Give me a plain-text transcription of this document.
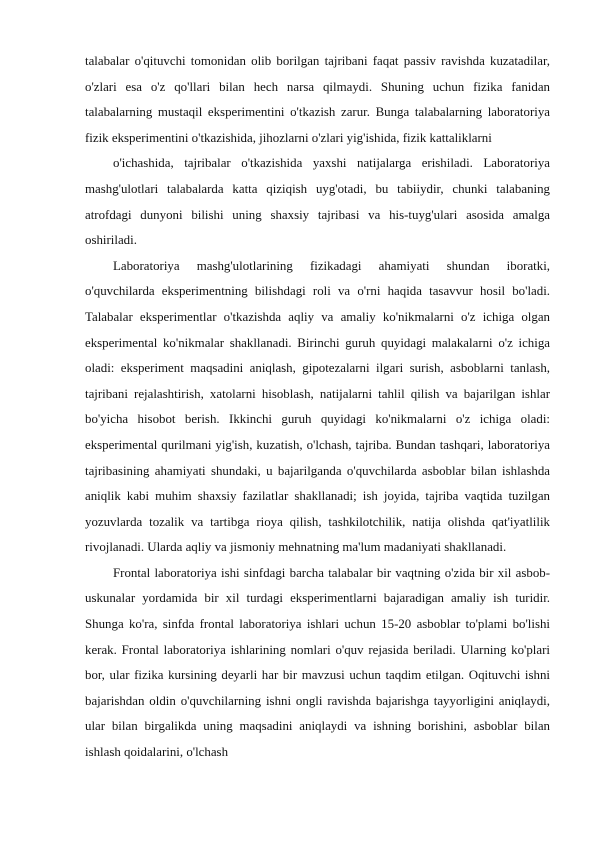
talabalar o'qituvchi tomonidan olib borilgan tajribani faqat passiv ravishda kuzatadilar, o'zlari esa o'z qo'llari bilan hech narsa qilmaydi. Shuning uchun fizika fanidan talabalarning mustaqil eksperimentini o'tkazish zarur. Bunga talabalarning laboratoriya fizik eksperimentini o'tkazishida, jihozlarni o'zlari yig'ishida, fizik kattaliklarni

o'ichashida, tajribalar o'tkazishida yaxshi natijalarga erishiladi. Laboratoriya mashg'ulotlari talabalarda katta qiziqish uyg'otadi, bu tabiiydir, chunki talabaning atrofdagi dunyoni bilishi uning shaxsiy tajribasi va his-tuyg'ulari asosida amalga oshiriladi.

Laboratoriya mashg'ulotlarining fizikadagi ahamiyati shundan iboratki, o'quvchilarda eksperimentning bilishdagi roli va o'rni haqida tasavvur hosil bo'ladi. Talabalar eksperimentlar o'tkazishda aqliy va amaliy ko'nikmalarni o'z ichiga olgan eksperimental ko'nikmalar shakllanadi. Birinchi guruh quyidagi malakalarni o'z ichiga oladi: eksperiment maqsadini aniqlash, gipotezalarni ilgari surish, asboblarni tanlash, tajribani rejalashtirish, xatolarni hisoblash, natijalarni tahlil qilish va bajarilgan ishlar bo'yicha hisobot berish. Ikkinchi guruh quyidagi ko'nikmalarni o'z ichiga oladi: eksperimental qurilmani yig'ish, kuzatish, o'lchash, tajriba. Bundan tashqari, laboratoriya tajribasining ahamiyati shundaki, u bajarilganda o'quvchilarda asboblar bilan ishlashda aniqlik kabi muhim shaxsiy fazilatlar shakllanadi; ish joyida, tajriba vaqtida tuzilgan yozuvlarda tozalik va tartibga rioya qilish, tashkilotchilik, natija olishda qat'iyatlilik rivojlanadi. Ularda aqliy va jismoniy mehnatning ma'lum madaniyati shakllanadi.

Frontal laboratoriya ishi sinfdagi barcha talabalar bir vaqtning o'zida bir xil asbob-uskunalar yordamida bir xil turdagi eksperimentlarni bajaradigan amaliy ish turidir. Shunga ko'ra, sinfda frontal laboratoriya ishlari uchun 15-20 asboblar to'plami bo'lishi kerak. Frontal laboratoriya ishlarining nomlari o'quv rejasida beriladi. Ularning ko'plari bor, ular fizika kursining deyarli har bir mavzusi uchun taqdim etilgan. Oqituvchi ishni bajarishdan oldin o'quvchilarning ishni ongli ravishda bajarishga tayyorligini aniqlaydi, ular bilan birgalikda uning maqsadini aniqlaydi va ishning borishini, asboblar bilan ishlash qoidalarini, o'lchash
